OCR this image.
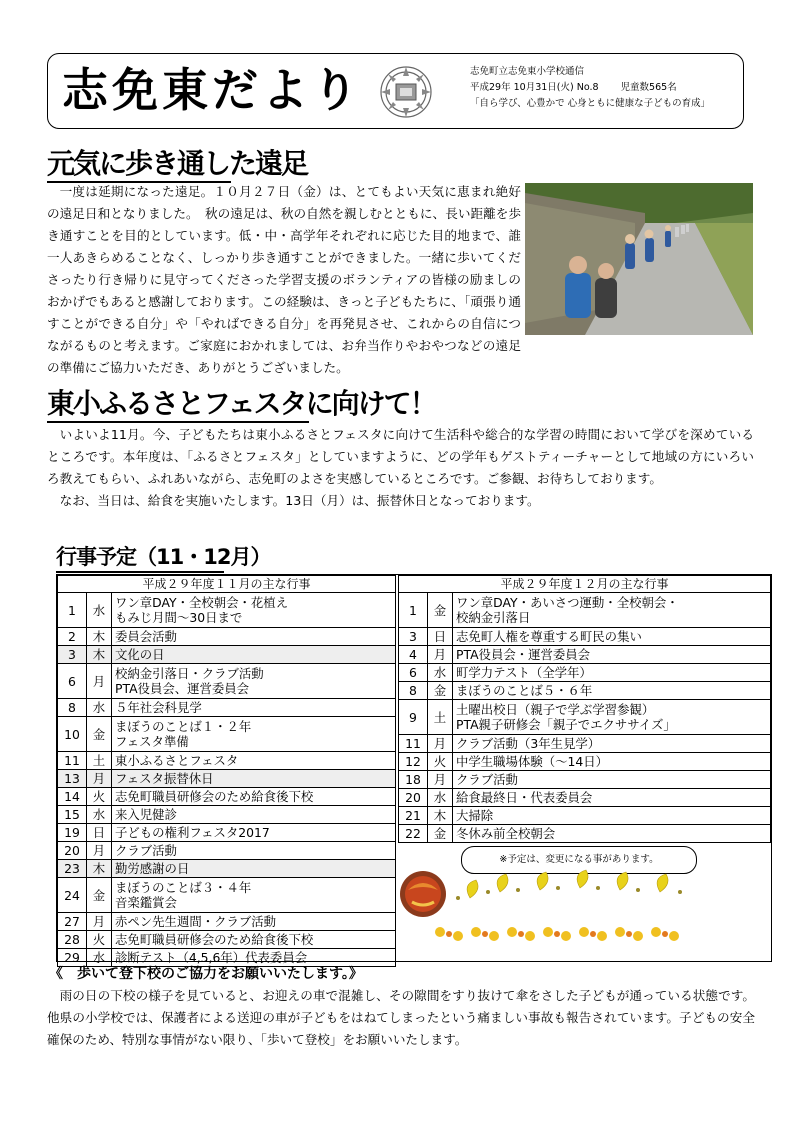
志免東だより	志免町立志免東小学校通信
平成29年 10月31日(火) No.8　　 児童数565名
「自ら学び、心豊かで 心身ともに健康な子どもの育成」
元気に歩き通した遠足

一度は延期になった遠足。１０月２７日（金）は、とてもよい天気に恵まれ絶好の遠足日和となりました。　秋の遠足は、秋の自然を親しむとともに、長い距離を歩き通すことを目的としています。低・中・高学年それぞれに応じた目的地まで、誰一人あきらめることなく、しっかり歩き通すことができました。一緒に歩いてくださったり行き帰りに見守ってくださった学習支援のボランティアの皆様の励ましのおかげでもあると感謝しております。この経験は、きっと子どもたちに、「頑張り通すことができる自分」や「やればできる自分」を再発見させ、これからの自信につながるものと考えます。ご家庭におかれましては、お弁当作りやおやつなどの遠足の準備にご協力いただき、ありがとうございました。

東小ふるさとフェスタに向けて！

いよいよ11月。今、子どもたちは東小ふるさとフェスタに向けて生活科や総合的な学習の時間において学びを深めているところです。本年度は、「ふるさとフェスタ」としていますように、どの学年もゲストティーチャーとして地域の方にいろいろ教えてもらい、ふれあいながら、志免町のよさを実感しているところです。ご参観、お待ちしております。

なお、当日は、給食を実施いたします。13日（月）は、振替休日となっております。

行事予定（11・12月）
平成２９年度１１月の主な行事		
1	水	ワン章DAY・全校朝会・花植え
もみじ月間～30日まで

2	木	委員会活動

3	木	文化の日

6	月	校納金引落日・クラブ活動
PTA役員会、運営委員会

8	水	５年社会科見学

10	金	まぼうのことば１・２年
フェスタ準備

11	土	東小ふるさとフェスタ

13	月	フェスタ振替休日

14	火	志免町職員研修会のため給食後下校

15	水	来入児健診

19	日	子どもの権利フェスタ2017

20	月	クラブ活動

23	木	勤労感謝の日

24	金	まぼうのことば３・４年
音楽鑑賞会

27	月	赤ペン先生週間・クラブ活動

28	火	志免町職員研修会のため給食後下校

29	水	診断テスト（4,5,6年）代表委員会
平成２９年度１２月の主な行事		
1	金	ワン章DAY・あいさつ運動・全校朝会・
校納金引落日

3	日	志免町人権を尊重する町民の集い

4	月	PTA役員会・運営委員会

6	水	町学力テスト（全学年）

8	金	まぼうのことば５・６年

9	土	土曜出校日（親子で学ぶ学習参観）
PTA親子研修会「親子でエクササイズ」

11	月	クラブ活動（3年生見学）

12	火	中学生職場体験（～14日）

18	月	クラブ活動

20	水	給食最終日・代表委員会

21	木	大掃除

22	金	冬休み前全校朝会
※予定は、変更になる事があります。
《　歩いて登下校のご協力をお願いいたします。》

雨の日の下校の様子を見ていると、お迎えの車で混雑し、その隙間をすり抜けて傘をさした子どもが通っている状態です。他県の小学校では、保護者による送迎の車が子どもをはねてしまったという痛ましい事故も報告されています。子どもの安全確保のため、特別な事情がない限り、「歩いて登校」をお願いいたします。
